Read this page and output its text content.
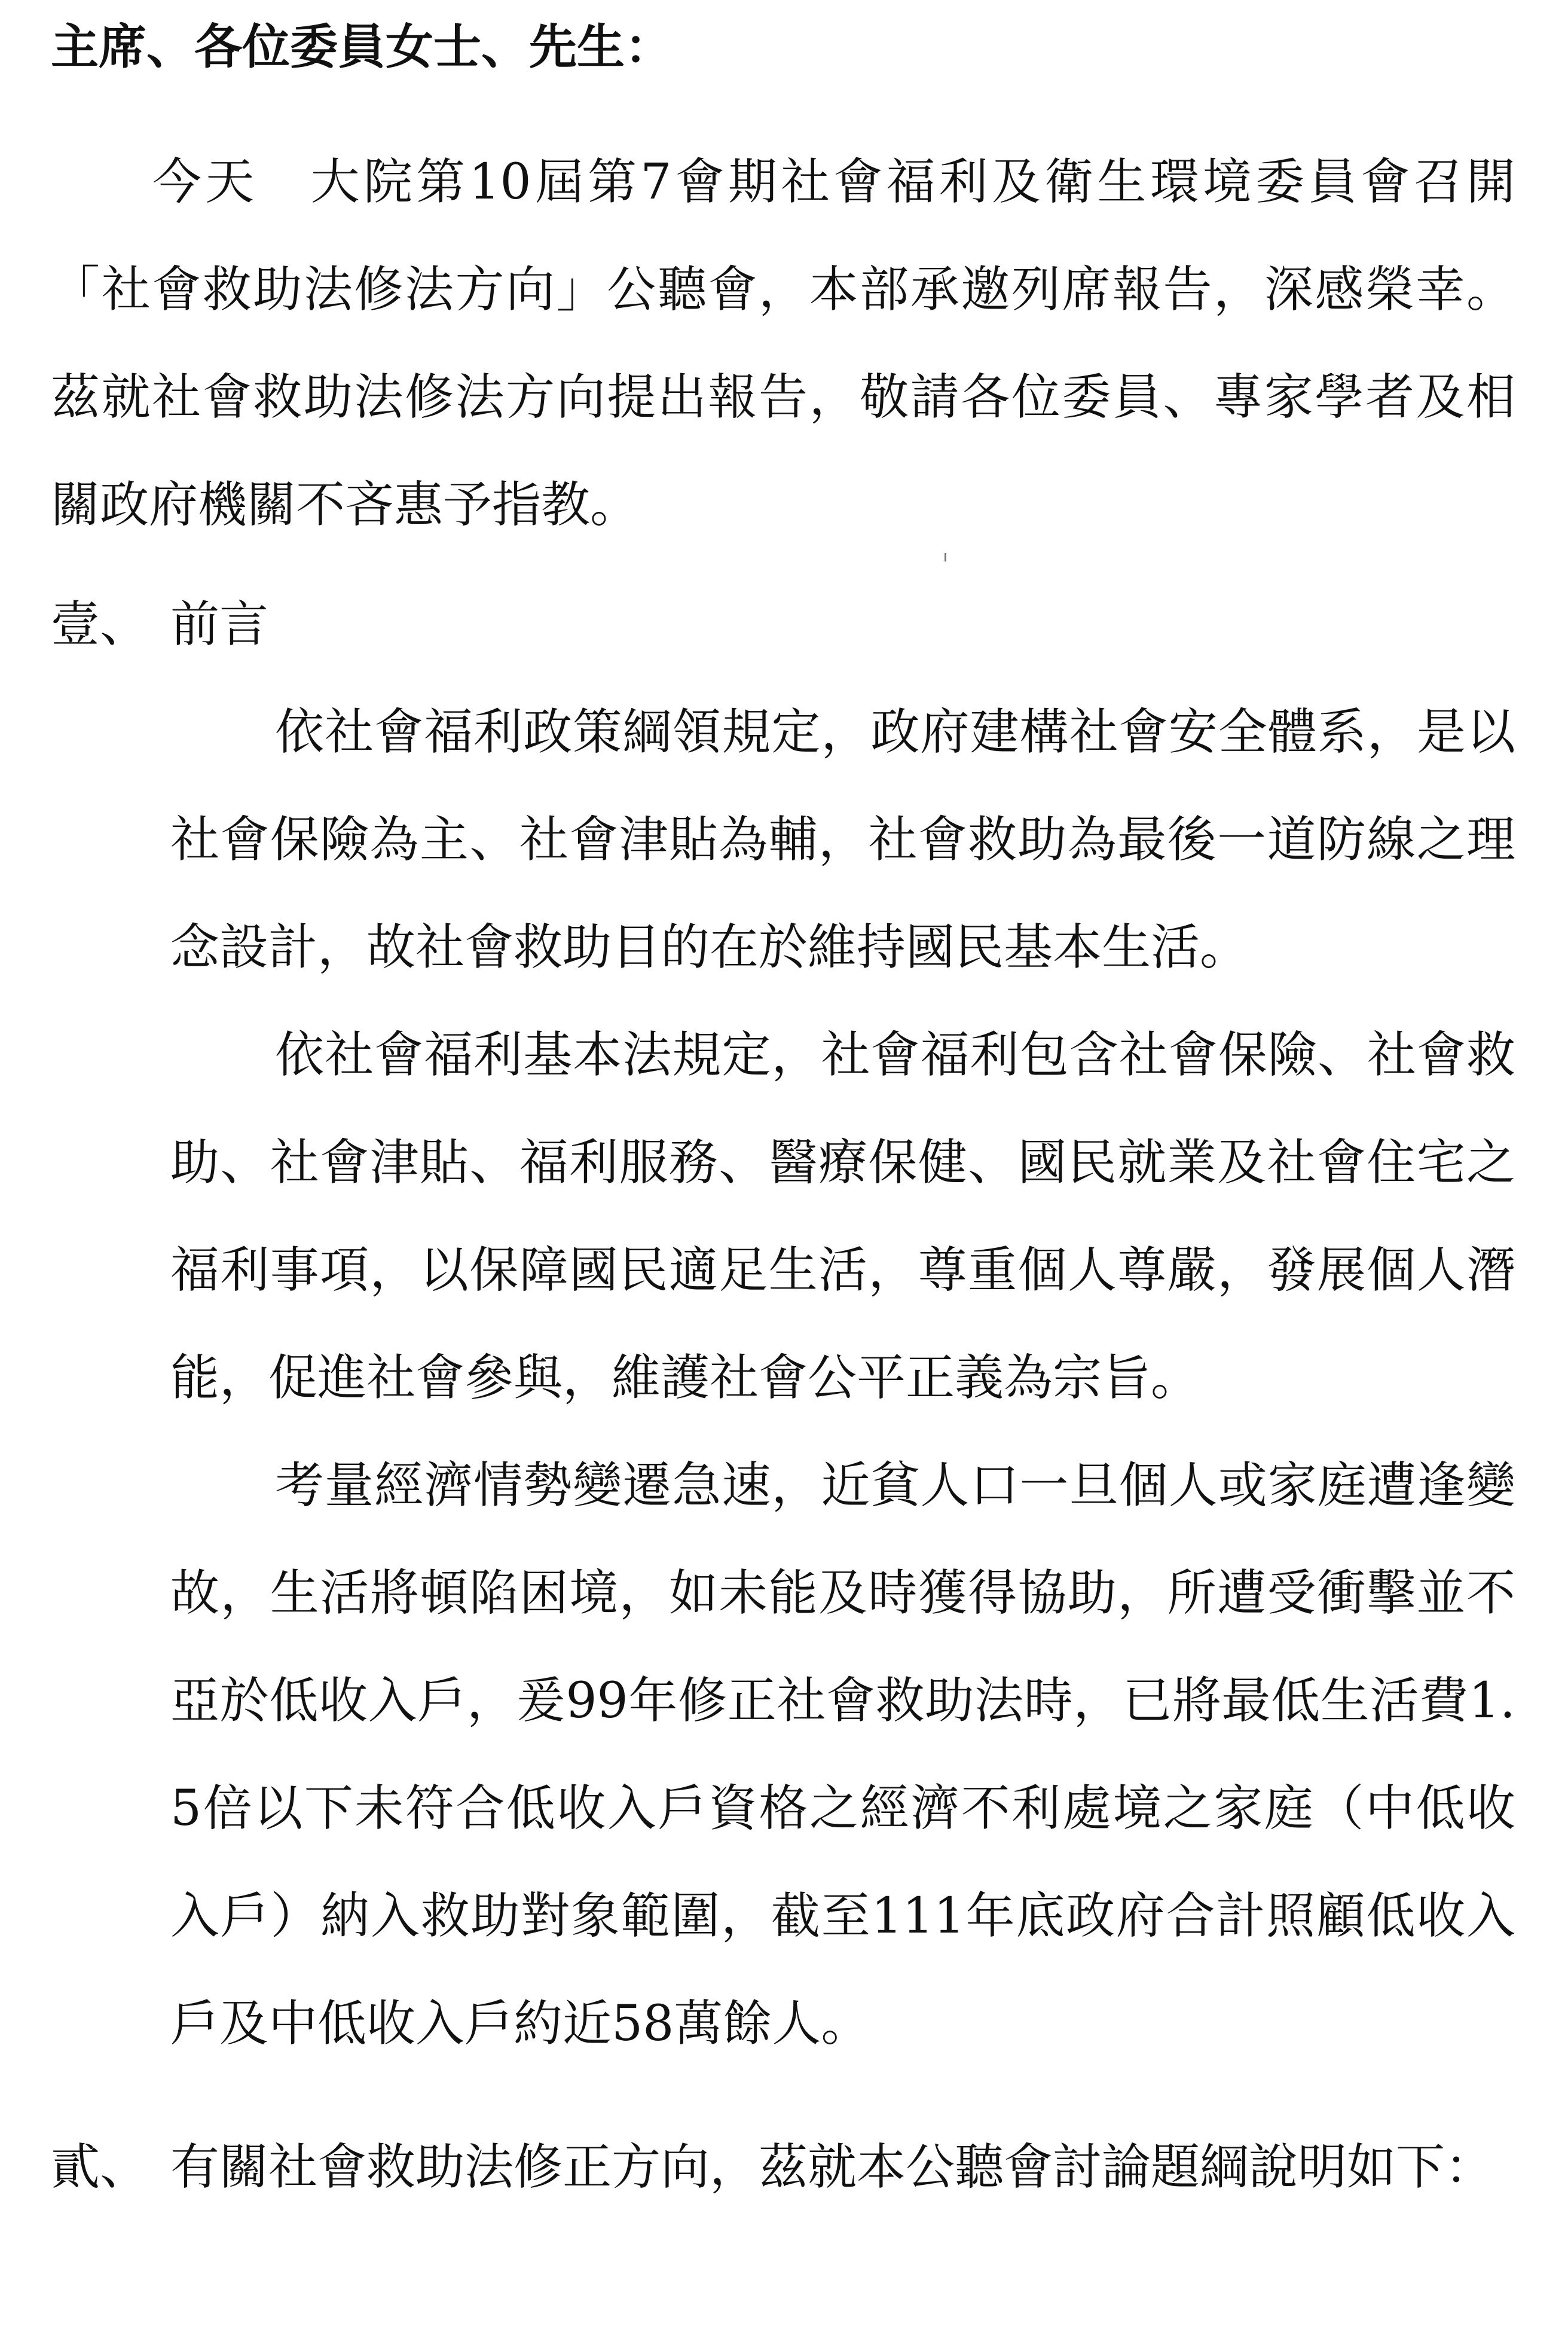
主席、各位委員女士、先生：
今天　大院第10屆第7會期社會福利及衛生環境委員會召開「社會救助法修法方向」公聽會，本部承邀列席報告，深感榮幸。茲就社會救助法修法方向提出報告，敬請各位委員、專家學者及相關政府機關不吝惠予指教。
壹、 前言
依社會福利政策綱領規定，政府建構社會安全體系，是以社會保險為主、社會津貼為輔，社會救助為最後一道防線之理念設計，故社會救助目的在於維持國民基本生活。
依社會福利基本法規定，社會福利包含社會保險、社會救助、社會津貼、福利服務、醫療保健、國民就業及社會住宅之福利事項，以保障國民適足生活，尊重個人尊嚴，發展個人潛能，促進社會參與，維護社會公平正義為宗旨。
考量經濟情勢變遷急速，近貧人口一旦個人或家庭遭逢變故，生活將頓陷困境，如未能及時獲得協助，所遭受衝擊並不亞於低收入戶，爰99年修正社會救助法時，已將最低生活費1.5倍以下未符合低收入戶資格之經濟不利處境之家庭（中低收入戶）納入救助對象範圍，截至111年底政府合計照顧低收入戶及中低收入戶約近58萬餘人。
貳、 有關社會救助法修正方向，茲就本公聽會討論題綱說明如下：
